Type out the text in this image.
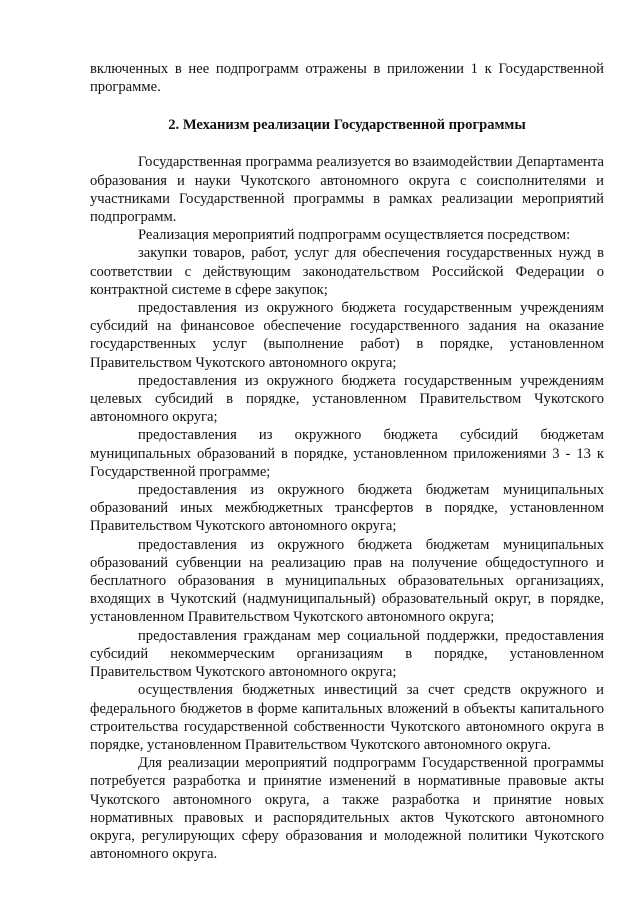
включенных в нее подпрограмм отражены в приложении 1 к Государственной программе.

2. Механизм реализации Государственной программы

Государственная программа реализуется во взаимодействии Департамента образования и науки Чукотского автономного округа с соисполнителями и участниками Государственной программы в рамках реализации мероприятий подпрограмм.

Реализация мероприятий подпрограмм осуществляется посредством:

закупки товаров, работ, услуг для обеспечения государственных нужд в соответствии с действующим законодательством Российской Федерации о контрактной системе в сфере закупок;

предоставления из окружного бюджета государственным учреждениям субсидий на финансовое обеспечение государственного задания на оказание государственных услуг (выполнение работ) в порядке, установленном Правительством Чукотского автономного округа;

предоставления из окружного бюджета государственным учреждениям целевых субсидий в порядке, установленном Правительством Чукотского автономного округа;

предоставления из окружного бюджета субсидий бюджетам муниципальных образований в порядке, установленном приложениями 3 - 13 к Государственной программе;

предоставления из окружного бюджета бюджетам муниципальных образований иных межбюджетных трансфертов в порядке, установленном Правительством Чукотского автономного округа;

предоставления из окружного бюджета бюджетам муниципальных образований субвенции на реализацию прав на получение общедоступного и бесплатного образования в муниципальных образовательных организациях, входящих в Чукотский (надмуниципальный) образовательный округ, в порядке, установленном Правительством Чукотского автономного округа;

предоставления гражданам мер социальной поддержки, предоставления субсидий некоммерческим организациям в порядке, установленном Правительством Чукотского автономного округа;

осуществления бюджетных инвестиций за счет средств окружного и федерального бюджетов в форме капитальных вложений в объекты капитального строительства государственной собственности Чукотского автономного округа в порядке, установленном Правительством Чукотского автономного округа.

Для реализации мероприятий подпрограмм Государственной программы потребуется разработка и принятие изменений в нормативные правовые акты Чукотского автономного округа, а также разработка и принятие новых нормативных правовых и распорядительных актов Чукотского автономного округа, регулирующих сферу образования и молодежной политики Чукотского автономного округа.
